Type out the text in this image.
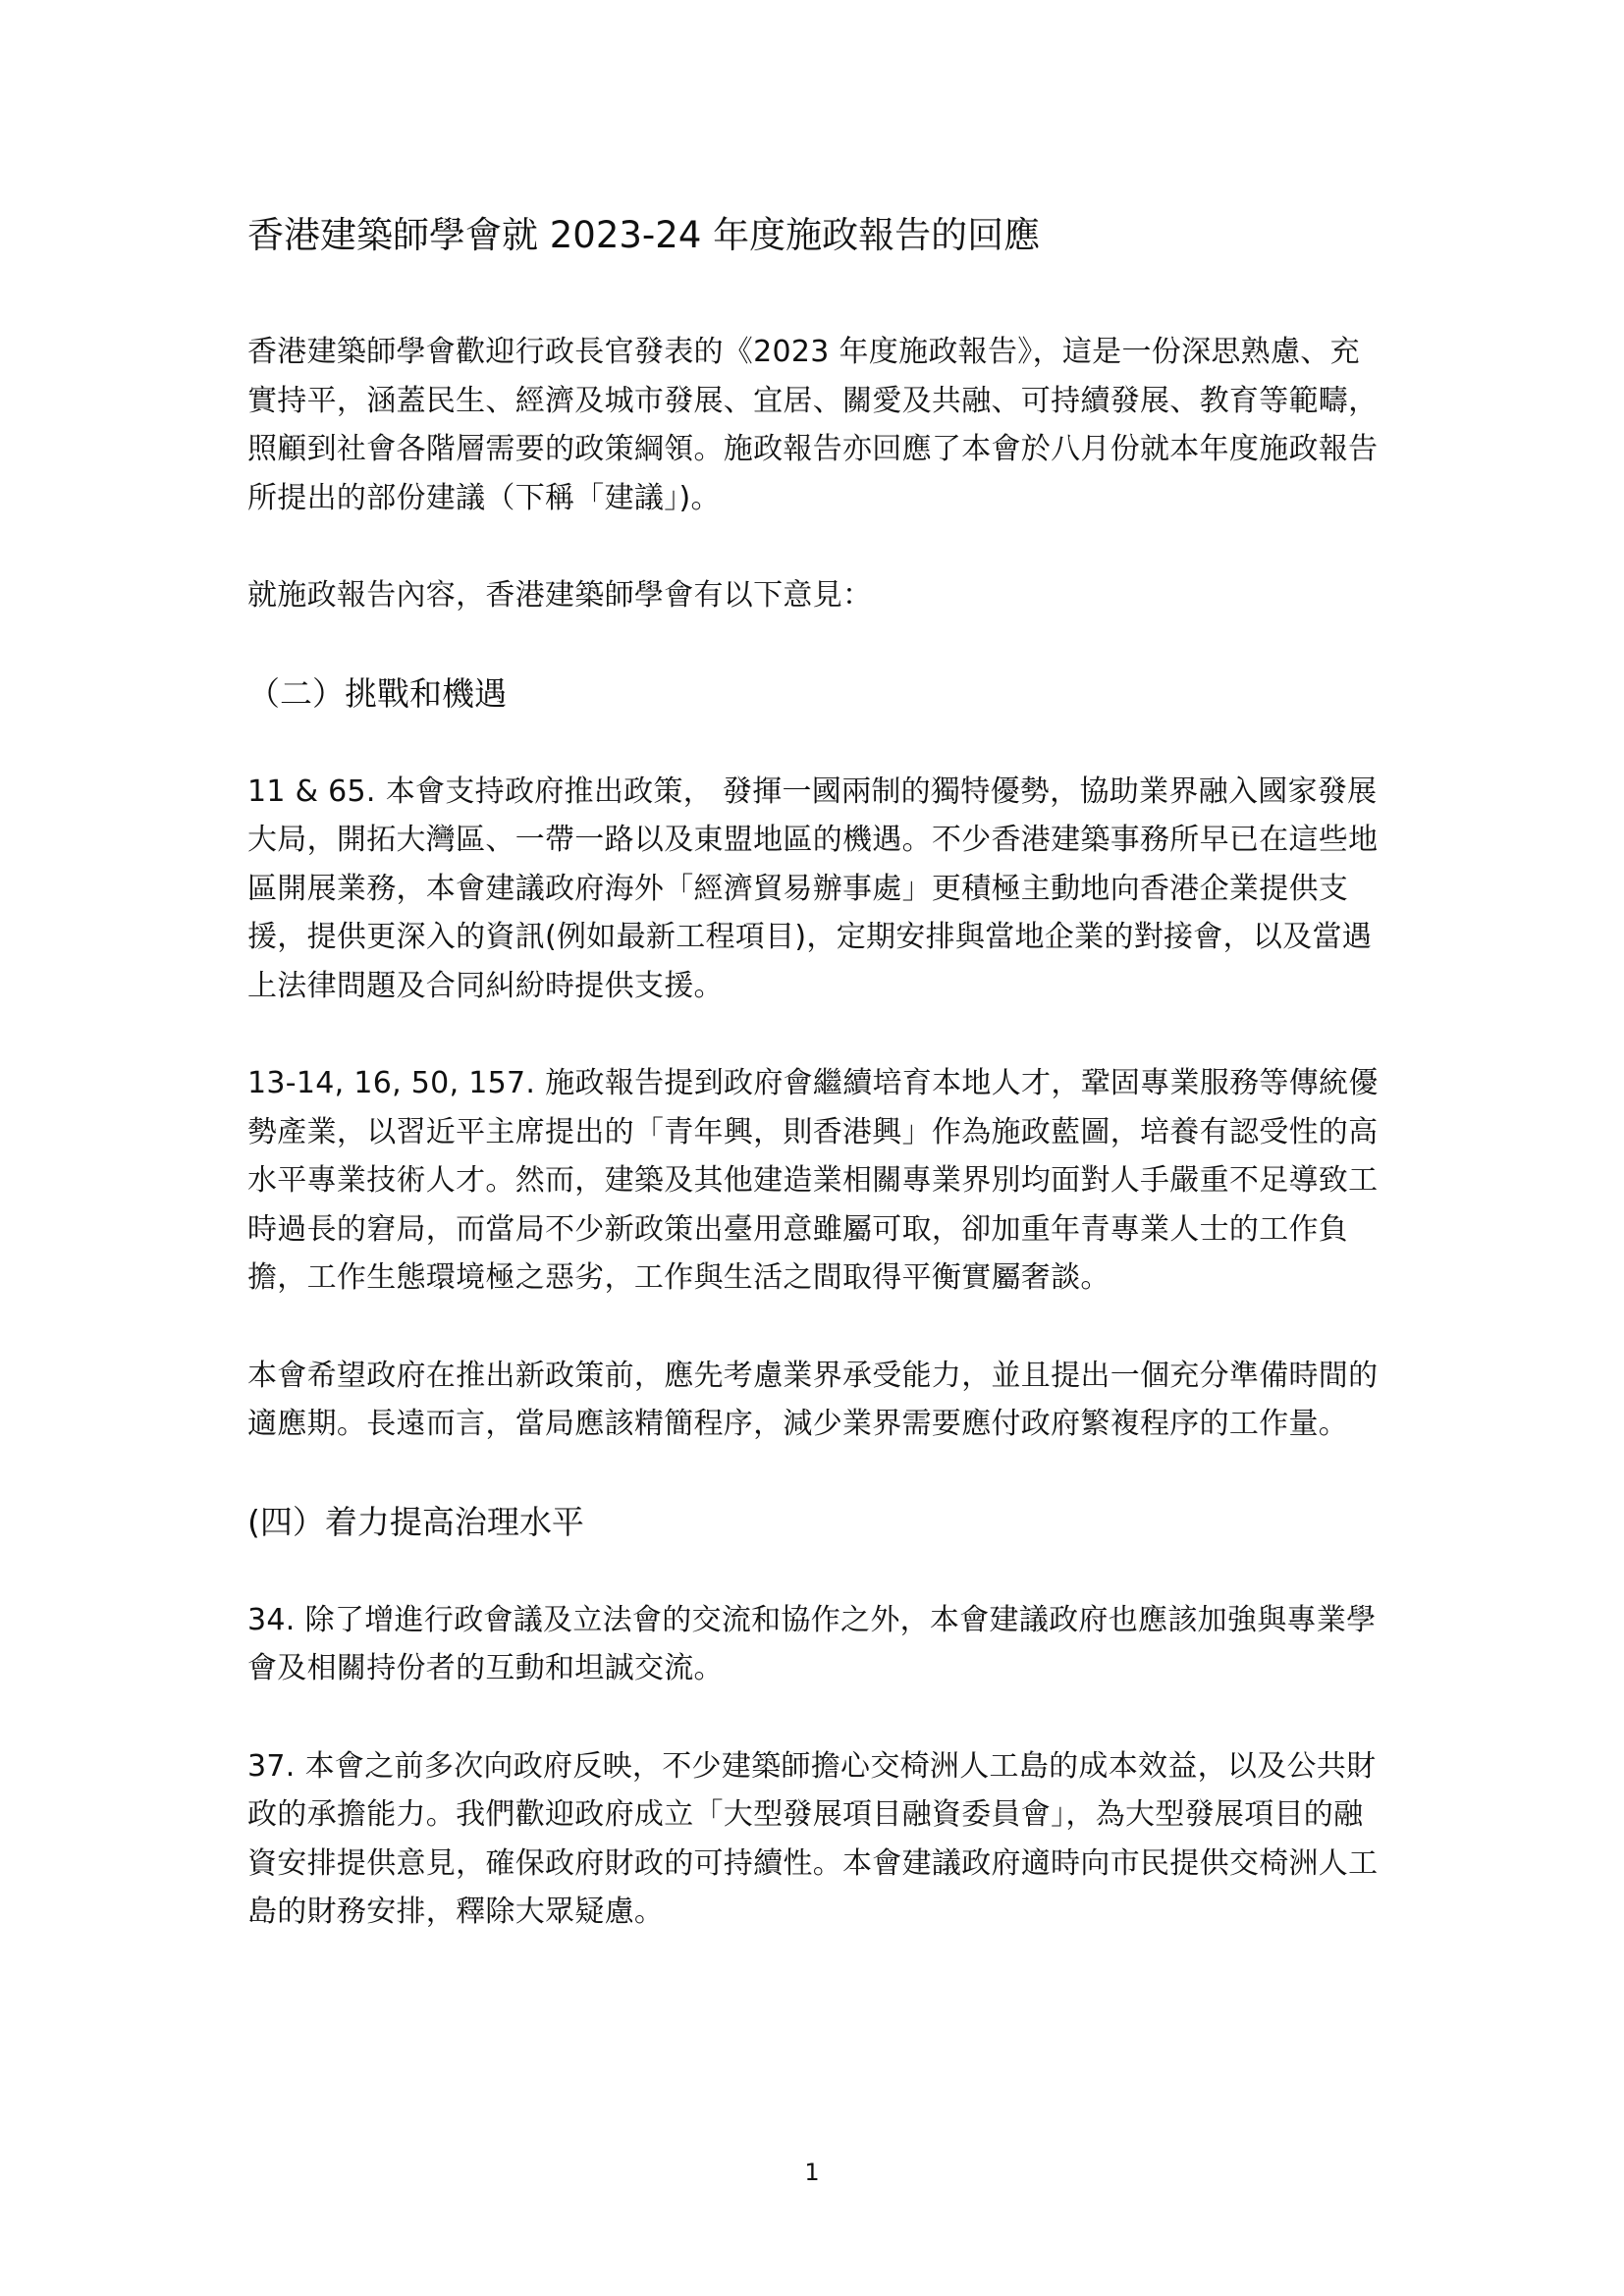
香港建築師學會就 2023-24 年度施政報告的回應

香港建築師學會歡迎行政長官發表的《2023 年度施政報告》，這是一份深思熟慮、充實持平，涵蓋民生、經濟及城市發展、宜居、關愛及共融、可持續發展、教育等範疇，照顧到社會各階層需要的政策綱領。施政報告亦回應了本會於八月份就本年度施政報告所提出的部份建議（下稱「建議」)。

就施政報告內容，香港建築師學會有以下意見：

（二）挑戰和機遇

11 & 65. 本會支持政府推出政策， 發揮一國兩制的獨特優勢，協助業界融入國家發展大局，開拓大灣區、一帶一路以及東盟地區的機遇。不少香港建築事務所早已在這些地區開展業務，本會建議政府海外「經濟貿易辦事處」更積極主動地向香港企業提供支援，提供更深入的資訊(例如最新工程項目)，定期安排與當地企業的對接會，以及當遇上法律問題及合同糾紛時提供支援。

13-14, 16, 50, 157. 施政報告提到政府會繼續培育本地人才，鞏固專業服務等傳統優勢產業，以習近平主席提出的「青年興，則香港興」作為施政藍圖，培養有認受性的高水平專業技術人才。然而，建築及其他建造業相關專業界別均面對人手嚴重不足導致工時過長的窘局，而當局不少新政策出臺用意雖屬可取，卻加重年青專業人士的工作負擔，工作生態環境極之惡劣，工作與生活之間取得平衡實屬奢談。

本會希望政府在推出新政策前，應先考慮業界承受能力，並且提出一個充分準備時間的適應期。長遠而言，當局應該精簡程序，減少業界需要應付政府繁複程序的工作量。

(四）着力提高治理水平

34. 除了增進行政會議及立法會的交流和協作之外，本會建議政府也應該加強與專業學會及相關持份者的互動和坦誠交流。

37. 本會之前多次向政府反映，不少建築師擔心交椅洲人工島的成本效益，以及公共財政的承擔能力。我們歡迎政府成立「大型發展項目融資委員會」，為大型發展項目的融資安排提供意見，確保政府財政的可持續性。本會建議政府適時向市民提供交椅洲人工島的財務安排，釋除大眾疑慮。

1
